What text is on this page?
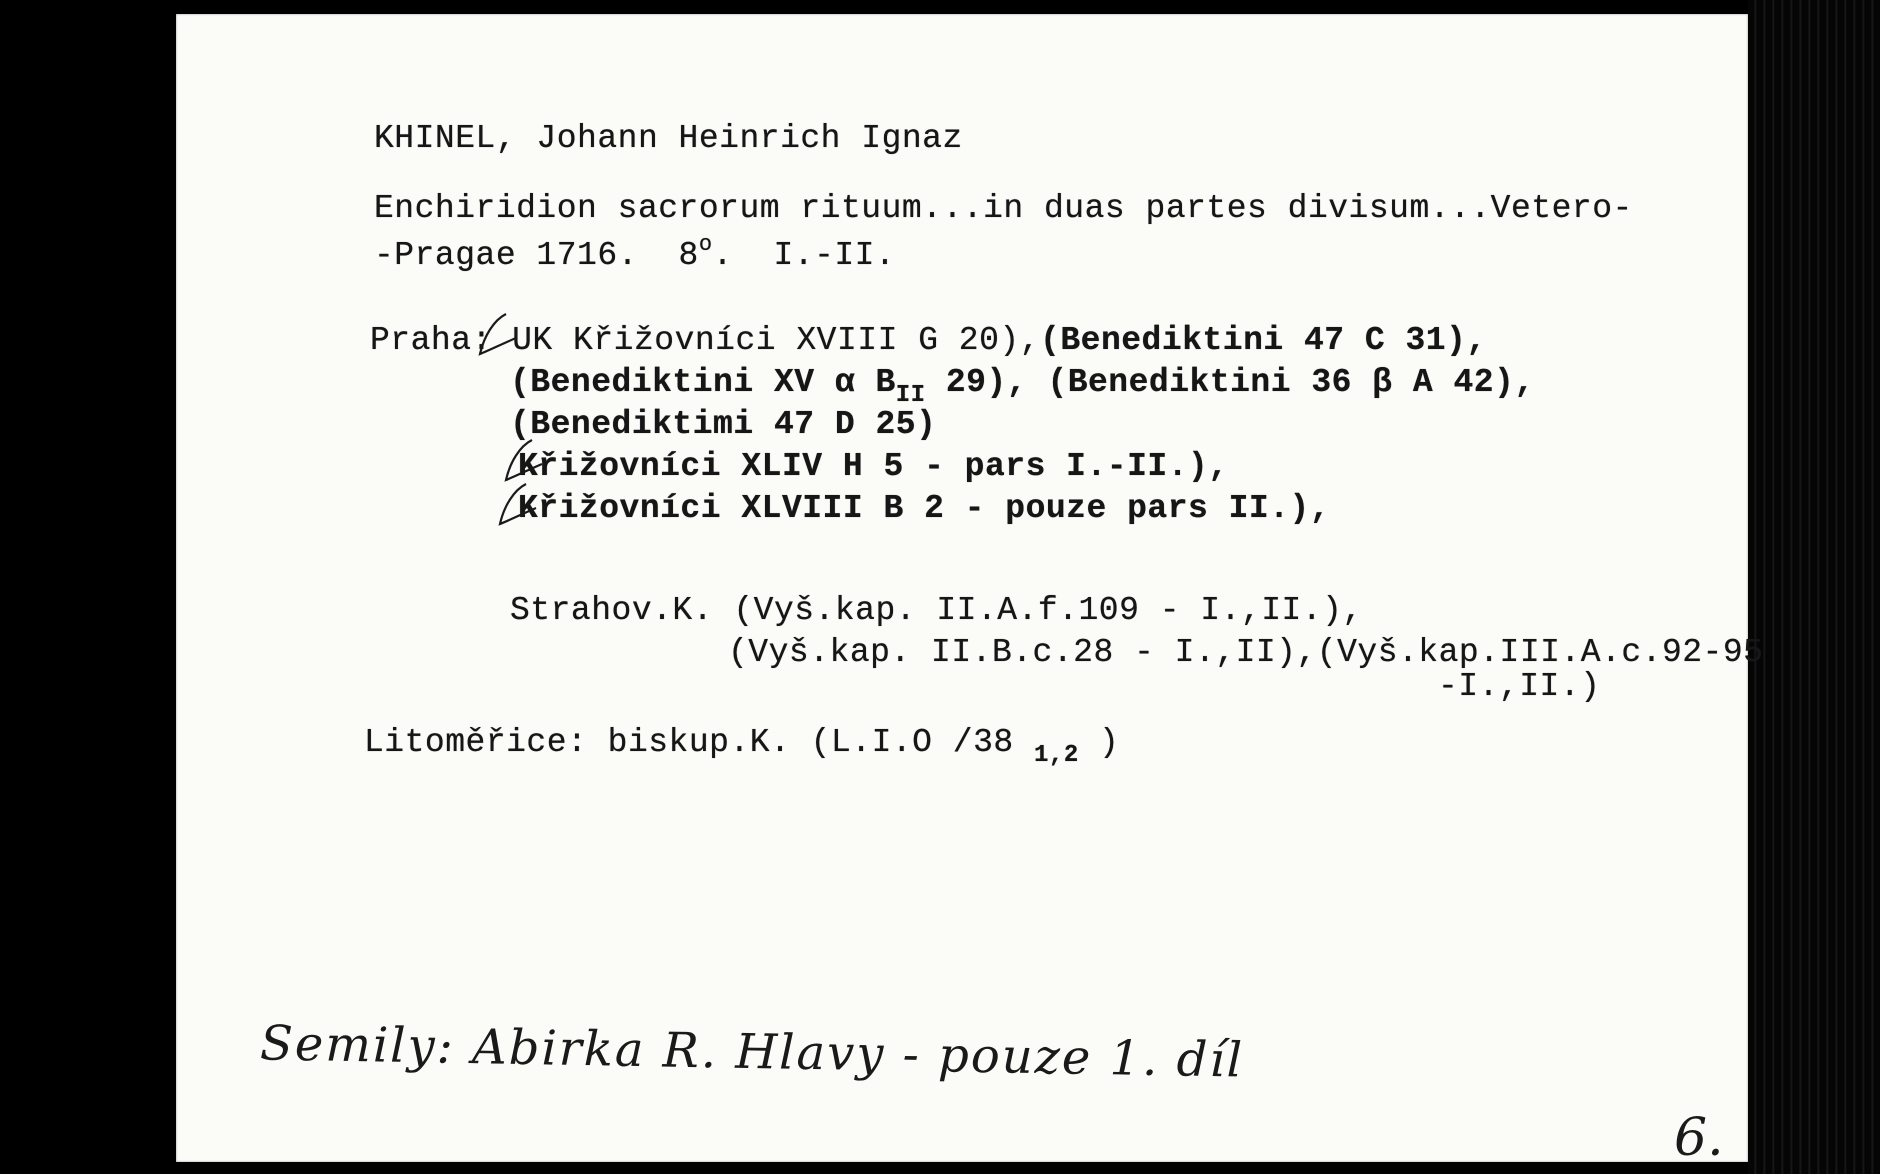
KHINEL, Johann Heinrich Ignaz
Enchiridion sacrorum rituum...in duas partes divisum...Vetero-
-Pragae 1716.  8$^o$.  I.-II.
Praha: UK Křižovníci XVIII G 20),(Benediktini 47 C 31),
(Benediktini XV α $B_{II}$ 29), (Benediktini 36 β A 42),
(Benediktimi 47 D 25)
Křižovníci XLIV H 5 - pars I.-II.),
Křižovníci XLVIII B 2 - pouze pars II.),
Strahov.K. (Vyš.kap. II.A.f.109 - I.,II.),
(Vyš.kap. II.B.c.28 - I.,II),(Vyš.kap.III.A.c.92-95
-I.,II.)
Litoměřice: biskup.K. (L.I.O /38 $_{1,2}$ )
Semily: Abirka R. Hlavy - pouze 1. díl
6.
